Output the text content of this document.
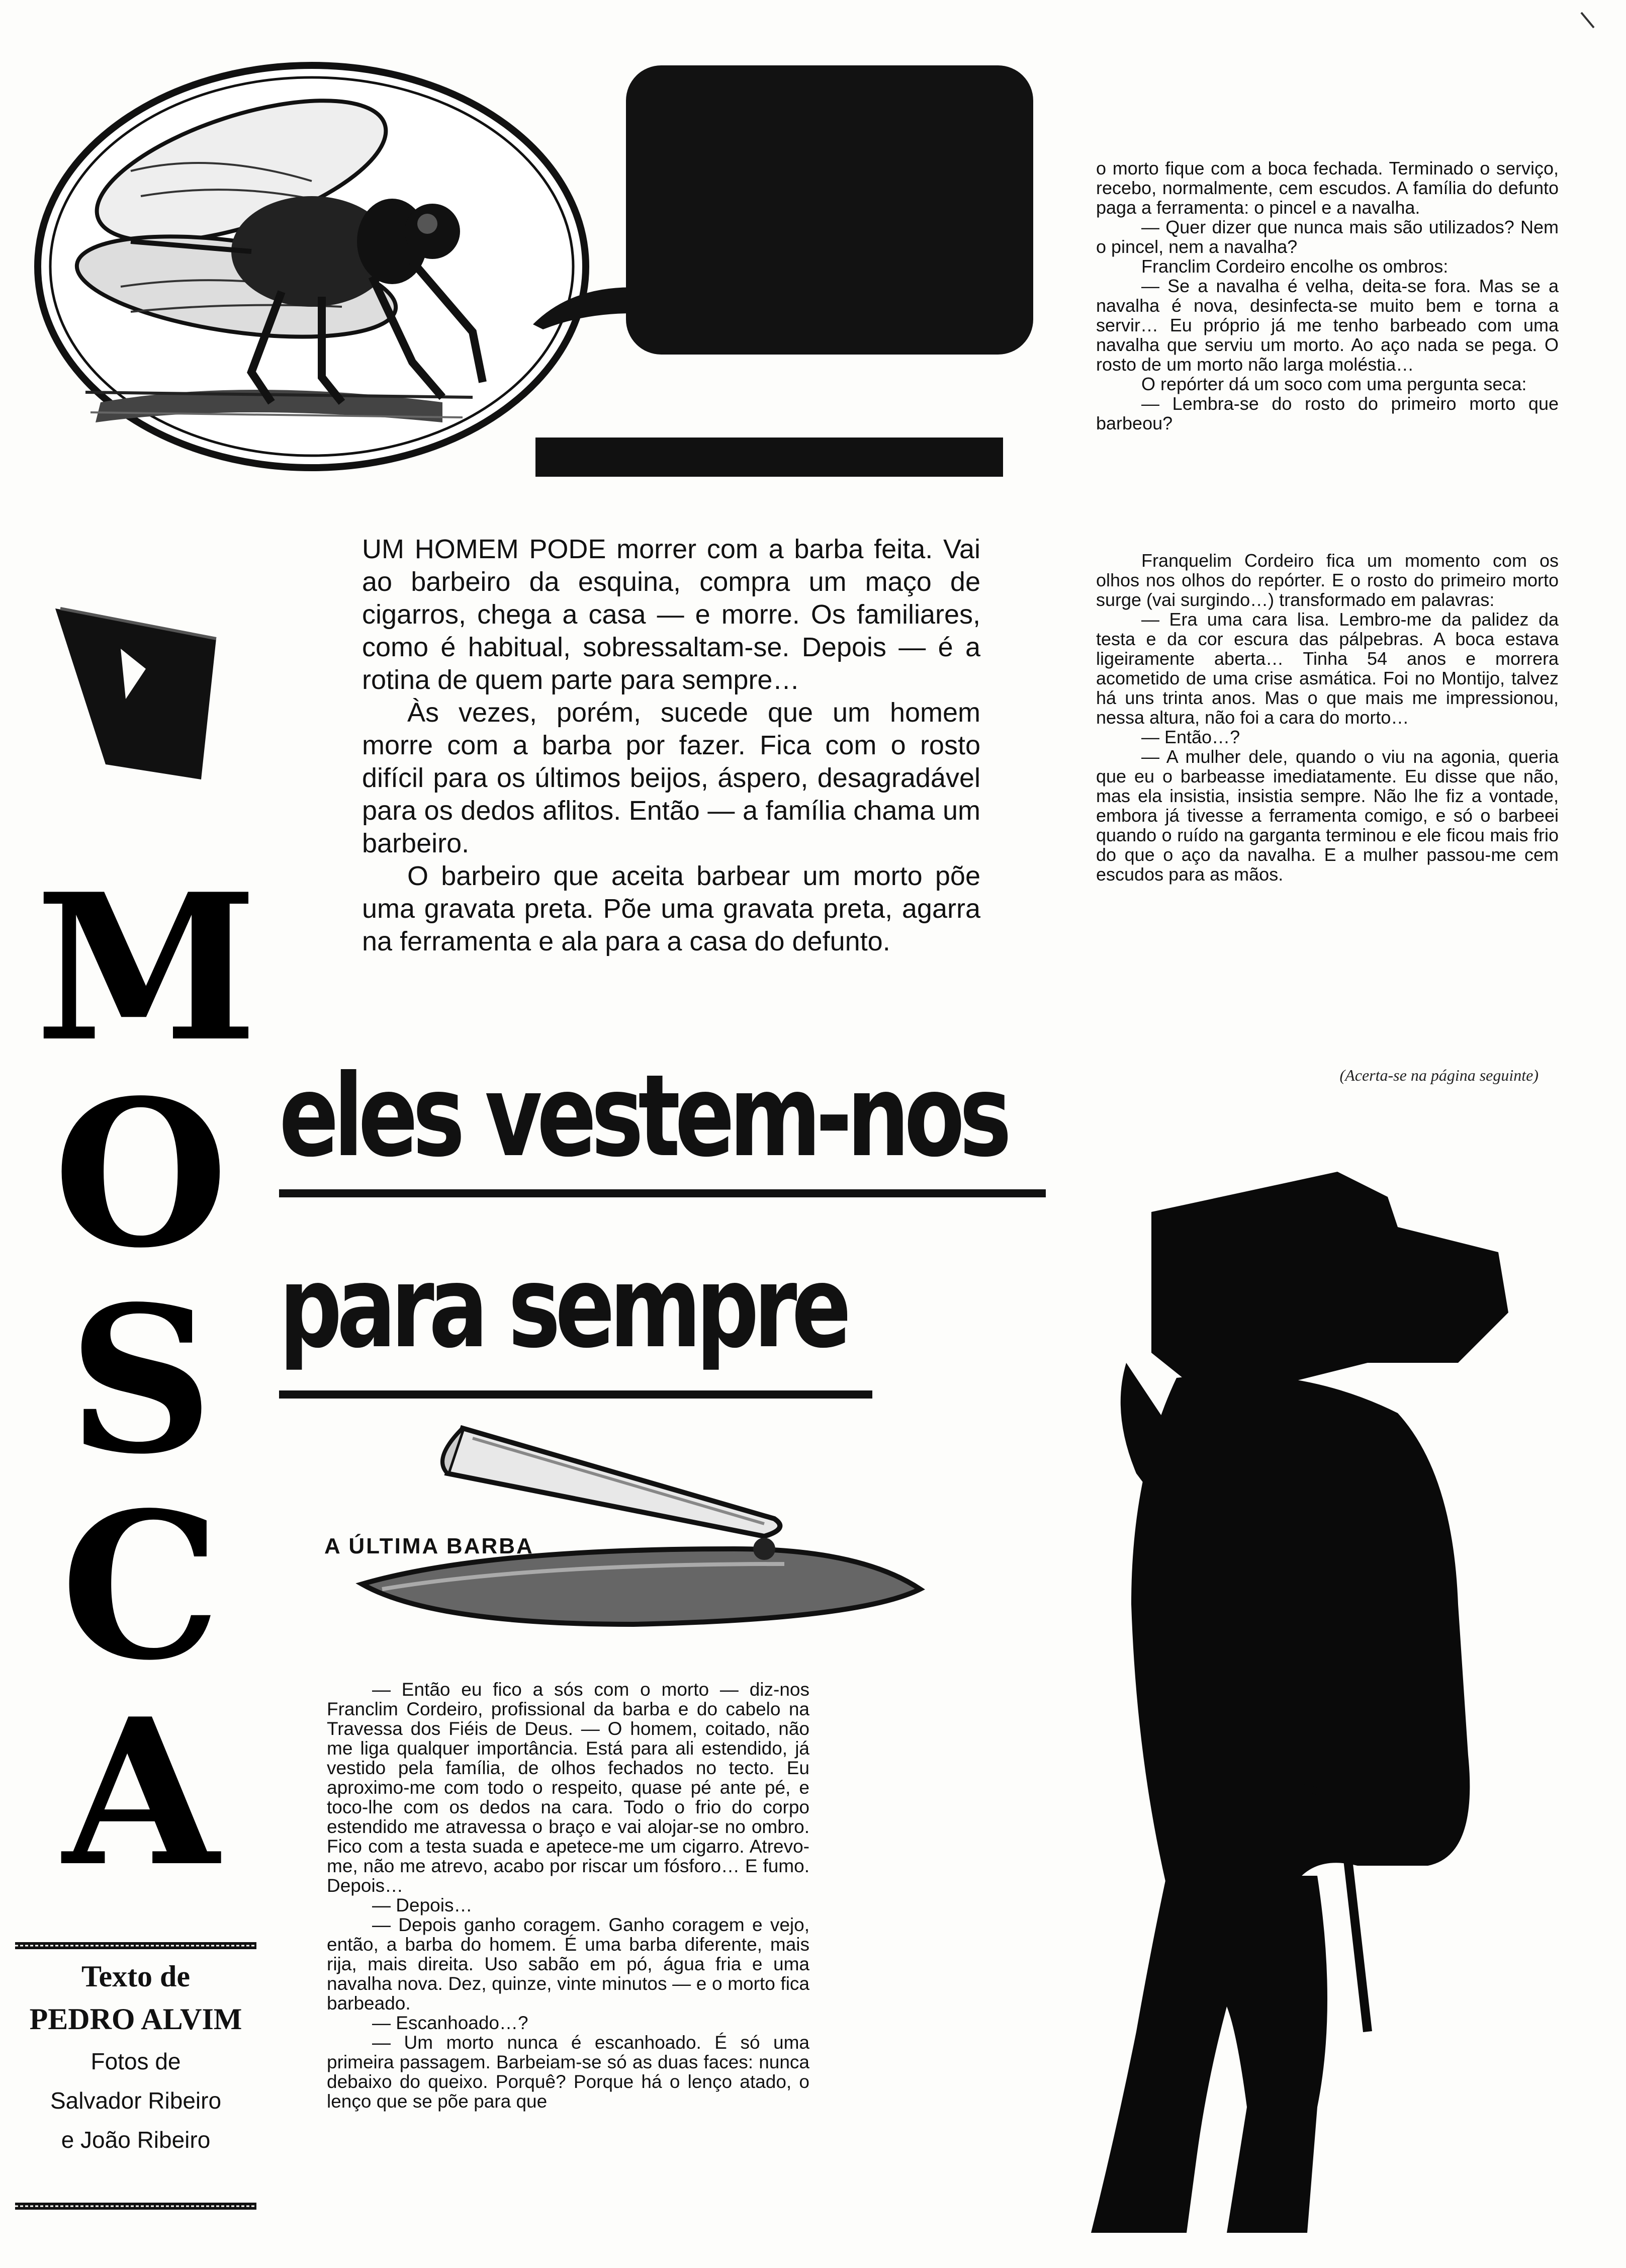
M
O
S
C
A

UM HOMEM PODE morrer com a barba feita. Vai ao barbeiro da esquina, compra um maço de cigarros, chega a casa — e morre. Os familiares, como é habitual, sobressaltam-se. Depois — é a rotina de quem parte para sempre…

Às vezes, porém, sucede que um homem morre com a barba por fazer. Fica com o rosto difícil para os últimos beijos, áspero, desagradável para os dedos aflitos. Então — a família chama um barbeiro.

O barbeiro que aceita barbear um morto põe uma gravata preta. Põe uma gravata preta, agarra na ferramenta e ala para a casa do defunto.

o morto fique com a boca fechada. Terminado o serviço, recebo, normalmente, cem escudos. A família do defunto paga a ferramenta: o pincel e a navalha.

— Quer dizer que nunca mais são utilizados? Nem o pincel, nem a navalha?

Franclim Cordeiro encolhe os ombros:

— Se a navalha é velha, deita-se fora. Mas se a navalha é nova, desinfecta-se muito bem e torna a servir… Eu próprio já me tenho barbeado com uma navalha que serviu um morto. Ao aço nada se pega. O rosto de um morto não larga moléstia…

O repórter dá um soco com uma pergunta seca:

— Lembra-se do rosto do primeiro morto que barbeou?

Franquelim Cordeiro fica um momento com os olhos nos olhos do repórter. E o rosto do primeiro morto surge (vai surgindo…) transformado em palavras:

— Era uma cara lisa. Lembro-me da palidez da testa e da cor escura das pálpebras. A boca estava ligeiramente aberta… Tinha 54 anos e morrera acometido de uma crise asmática. Foi no Montijo, talvez há uns trinta anos. Mas o que mais me impressionou, nessa altura, não foi a cara do morto…

— Então…?

— A mulher dele, quando o viu na agonia, queria que eu o barbeasse imediatamente. Eu disse que não, mas ela insistia, insistia sempre. Não lhe fiz a vontade, embora já tivesse a ferramenta comigo, e só o barbeei quando o ruído na garganta terminou e ele ficou mais frio do que o aço da navalha. E a mulher passou-me cem escudos para as mãos.

(Acerta-se na página seguinte)
eles vestem-nos
para sempre
A ÚLTIMA BARBA

— Então eu fico a sós com o morto — diz-nos Franclim Cordeiro, profissional da barba e do cabelo na Travessa dos Fiéis de Deus. — O homem, coitado, não me liga qualquer importância. Está para ali estendido, já vestido pela família, de olhos fechados no tecto. Eu aproximo-me com todo o respeito, quase pé ante pé, e toco-lhe com os dedos na cara. Todo o frio do corpo estendido me atravessa o braço e vai alojar-se no ombro. Fico com a testa suada e apetece-me um cigarro. Atrevo-me, não me atrevo, acabo por riscar um fósforo… E fumo. Depois…

— Depois…

— Depois ganho coragem. Ganho coragem e vejo, então, a barba do homem. É uma barba diferente, mais rija, mais direita. Uso sabão em pó, água fria e uma navalha nova. Dez, quinze, vinte minutos — e o morto fica barbeado.

— Escanhoado…?

— Um morto nunca é escanhoado. É só uma primeira passagem. Barbeiam-se só as duas faces: nunca debaixo do queixo. Porquê? Porque há o lenço atado, o lenço que se põe para que

Texto de
PEDRO ALVIM
Fotos de
Salvador Ribeiro
e João Ribeiro
